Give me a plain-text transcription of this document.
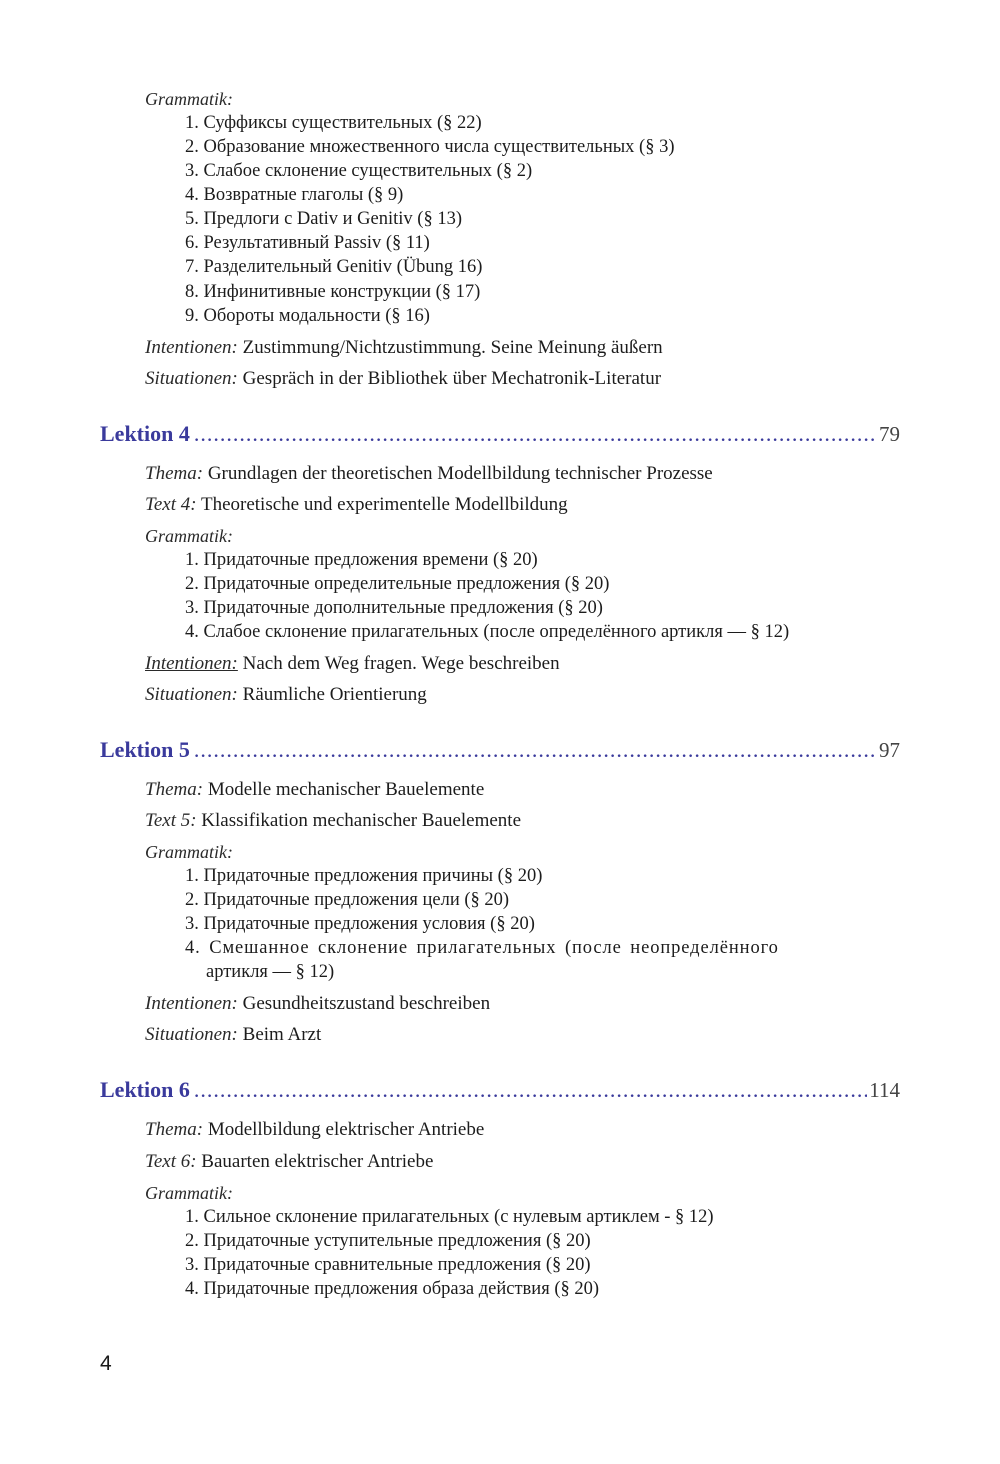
Grammatik:
1. Суффиксы существительных (§ 22)
2. Образование множественного числа существительных (§ 3)
3. Слабое склонение существительных (§ 2)
4. Возвратные глаголы (§ 9)
5. Предлоги с Dativ и Genitiv (§ 13)
6. Результативный Passiv (§ 11)
7. Разделительный Genitiv (Übung 16)
8. Инфинитивные конструкции (§ 17)
9. Обороты модальности (§ 16)
Intentionen: Zustimmung/Nichtzustimmung. Seine Meinung äußern
Situationen: Gespräch in der Bibliothek über Mechatronik-Literatur
Lektion 4 .....	79
Thema: Grundlagen der theoretischen Modellbildung technischer Prozesse
Text 4: Theoretische und experimentelle Modellbildung
Grammatik:
1. Придаточные предложения времени (§ 20)
2. Придаточные определительные предложения (§ 20)
3. Придаточные дополнительные предложения (§ 20)
4. Слабое склонение прилагательных (после определённого артикля — § 12)
Intentionen: Nach dem Weg fragen. Wege beschreiben
Situationen: Räumliche Orientierung
Lektion 5 .....	97
Thema: Modelle mechanischer Bauelemente
Text 5: Klassifikation mechanischer Bauelemente
Grammatik:
1. Придаточные предложения причины (§ 20)
2. Придаточные предложения цели (§ 20)
3. Придаточные предложения условия (§ 20)
4. Смешанное склонение прилагательных (после неопределённого
артикля — § 12)
Intentionen: Gesundheitszustand beschreiben
Situationen: Beim Arzt
Lektion 6 .....	114
Thema: Modellbildung elektrischer Antriebe
Text 6: Bauarten elektrischer Antriebe
Grammatik:
1. Сильное склонение прилагательных (с нулевым артиклем - § 12)
2. Придаточные уступительные предложения (§ 20)
3. Придаточные сравнительные предложения (§ 20)
4. Придаточные предложения образа действия (§ 20)
4
